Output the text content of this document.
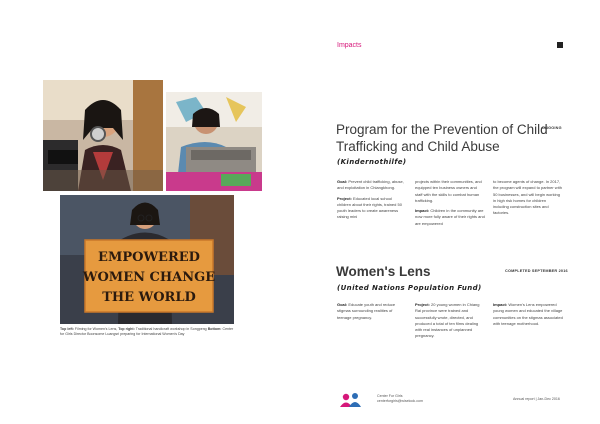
EMPOWERED
WOMEN CHANGE
THE WORLD
Top left: Filming for Women's Lens, Top right: Traditional handicraft workshop in Songpeng Bottom: Center for Girls Director Boonsome Luangsri preparing for International Women's Day
Impacts
Program for the Prevention of Child Trafficking and Child Abuse
ONGOING
(Kindernothilfe)

Goal: Prevent child trafficking, abuse, and exploitation in Chiangkhong.

Project: Educated local school children about their rights, trained 50 youth leaders to create awareness raising mini

projects within their communities, and equipped ten business owners and staff with the skills to combat human trafficking.

Impact: Children in the community are now more fully aware of their rights and are empowered

to become agents of change. In 2017, the program will expand to partner with 50 businesses, and will begin working in high risk homes for children including construction sites and factories.

Women's Lens	COMPLETED SEPTEMBER 2016
(United Nations Population Fund)

Goal: Educate youth and reduce stigmas surrounding realities of teenage pregnancy.

Project: 20 young women in Chiang Rai province were trained and successfully wrote, directed, and produced a total of ten films dealing with real instances of unplanned pregnancy.

Impact: Women's Lens empowered young women and educated the village communities on the stigmas associated with teenage motherhood.

Center For Girls
centerforgirls@wiselook.com	Annual report | Jan-Dec 2016
